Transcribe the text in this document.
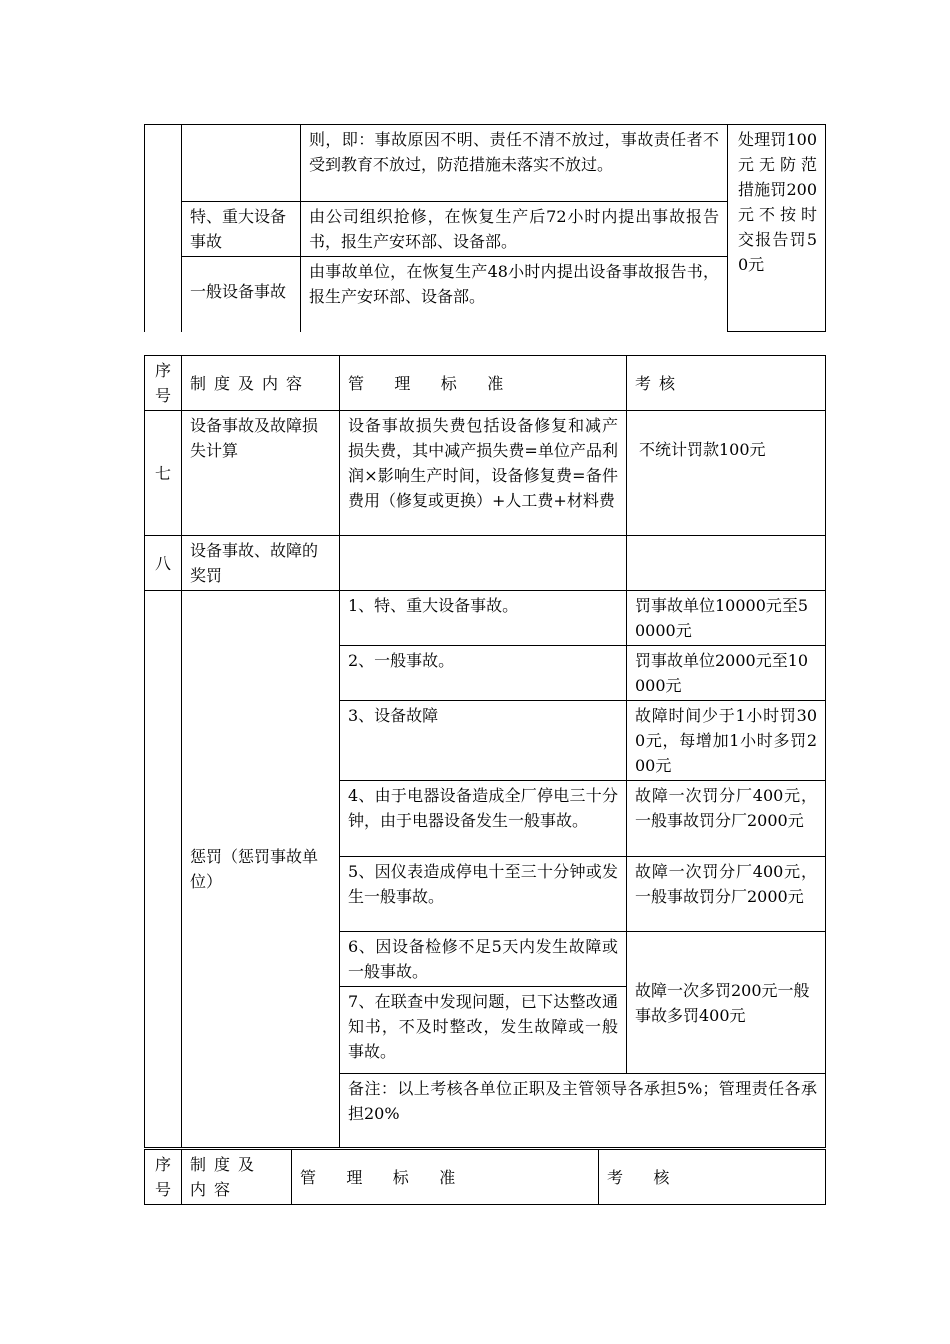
		则，即：事故原因不明、责任不清不放过，事故责任者不受到教育不放过，防范措施未落实不放过。	处理罚100元无防范措施罚200元不按时交报告罚50元
	特、重大设备事故	由公司组织抢修，在恢复生产后72小时内提出事故报告书，报生产安环部、设备部。	
	一般设备事故	由事故单位，在恢复生产48小时内提出设备事故报告书，报生产安环部、设备部。	
序号	制度及内容	管理标准	考核
七	设备事故及故障损失计算	设备事故损失费包括设备修复和减产损失费，其中减产损失费=单位产品利润×影响生产时间，设备修复费=备件费用（修复或更换）+人工费+材料费	不统计罚款100元
八	设备事故、故障的奖罚		
	惩罚（惩罚事故单位）	1、特、重大设备事故。	罚事故单位10000元至50000元
		2、一般事故。	罚事故单位2000元至10000元
		3、设备故障	故障时间少于1小时罚300元，每增加1小时多罚200元
		4、由于电器设备造成全厂停电三十分钟，由于电器设备发生一般事故。	故障一次罚分厂400元，一般事故罚分厂2000元
		5、因仪表造成停电十至三十分钟或发生一般事故。	故障一次罚分厂400元，一般事故罚分厂2000元
		6、因设备检修不足5天内发生故障或一般事故。	故障一次多罚200元一般事故多罚400元
		7、在联查中发现问题，已下达整改通知书，不及时整改，发生故障或一般事故。	
		备注：以上考核各单位正职及主管领导各承担5%；管理责任各承担20%	
序号	制度及内容	管理标准	考核
